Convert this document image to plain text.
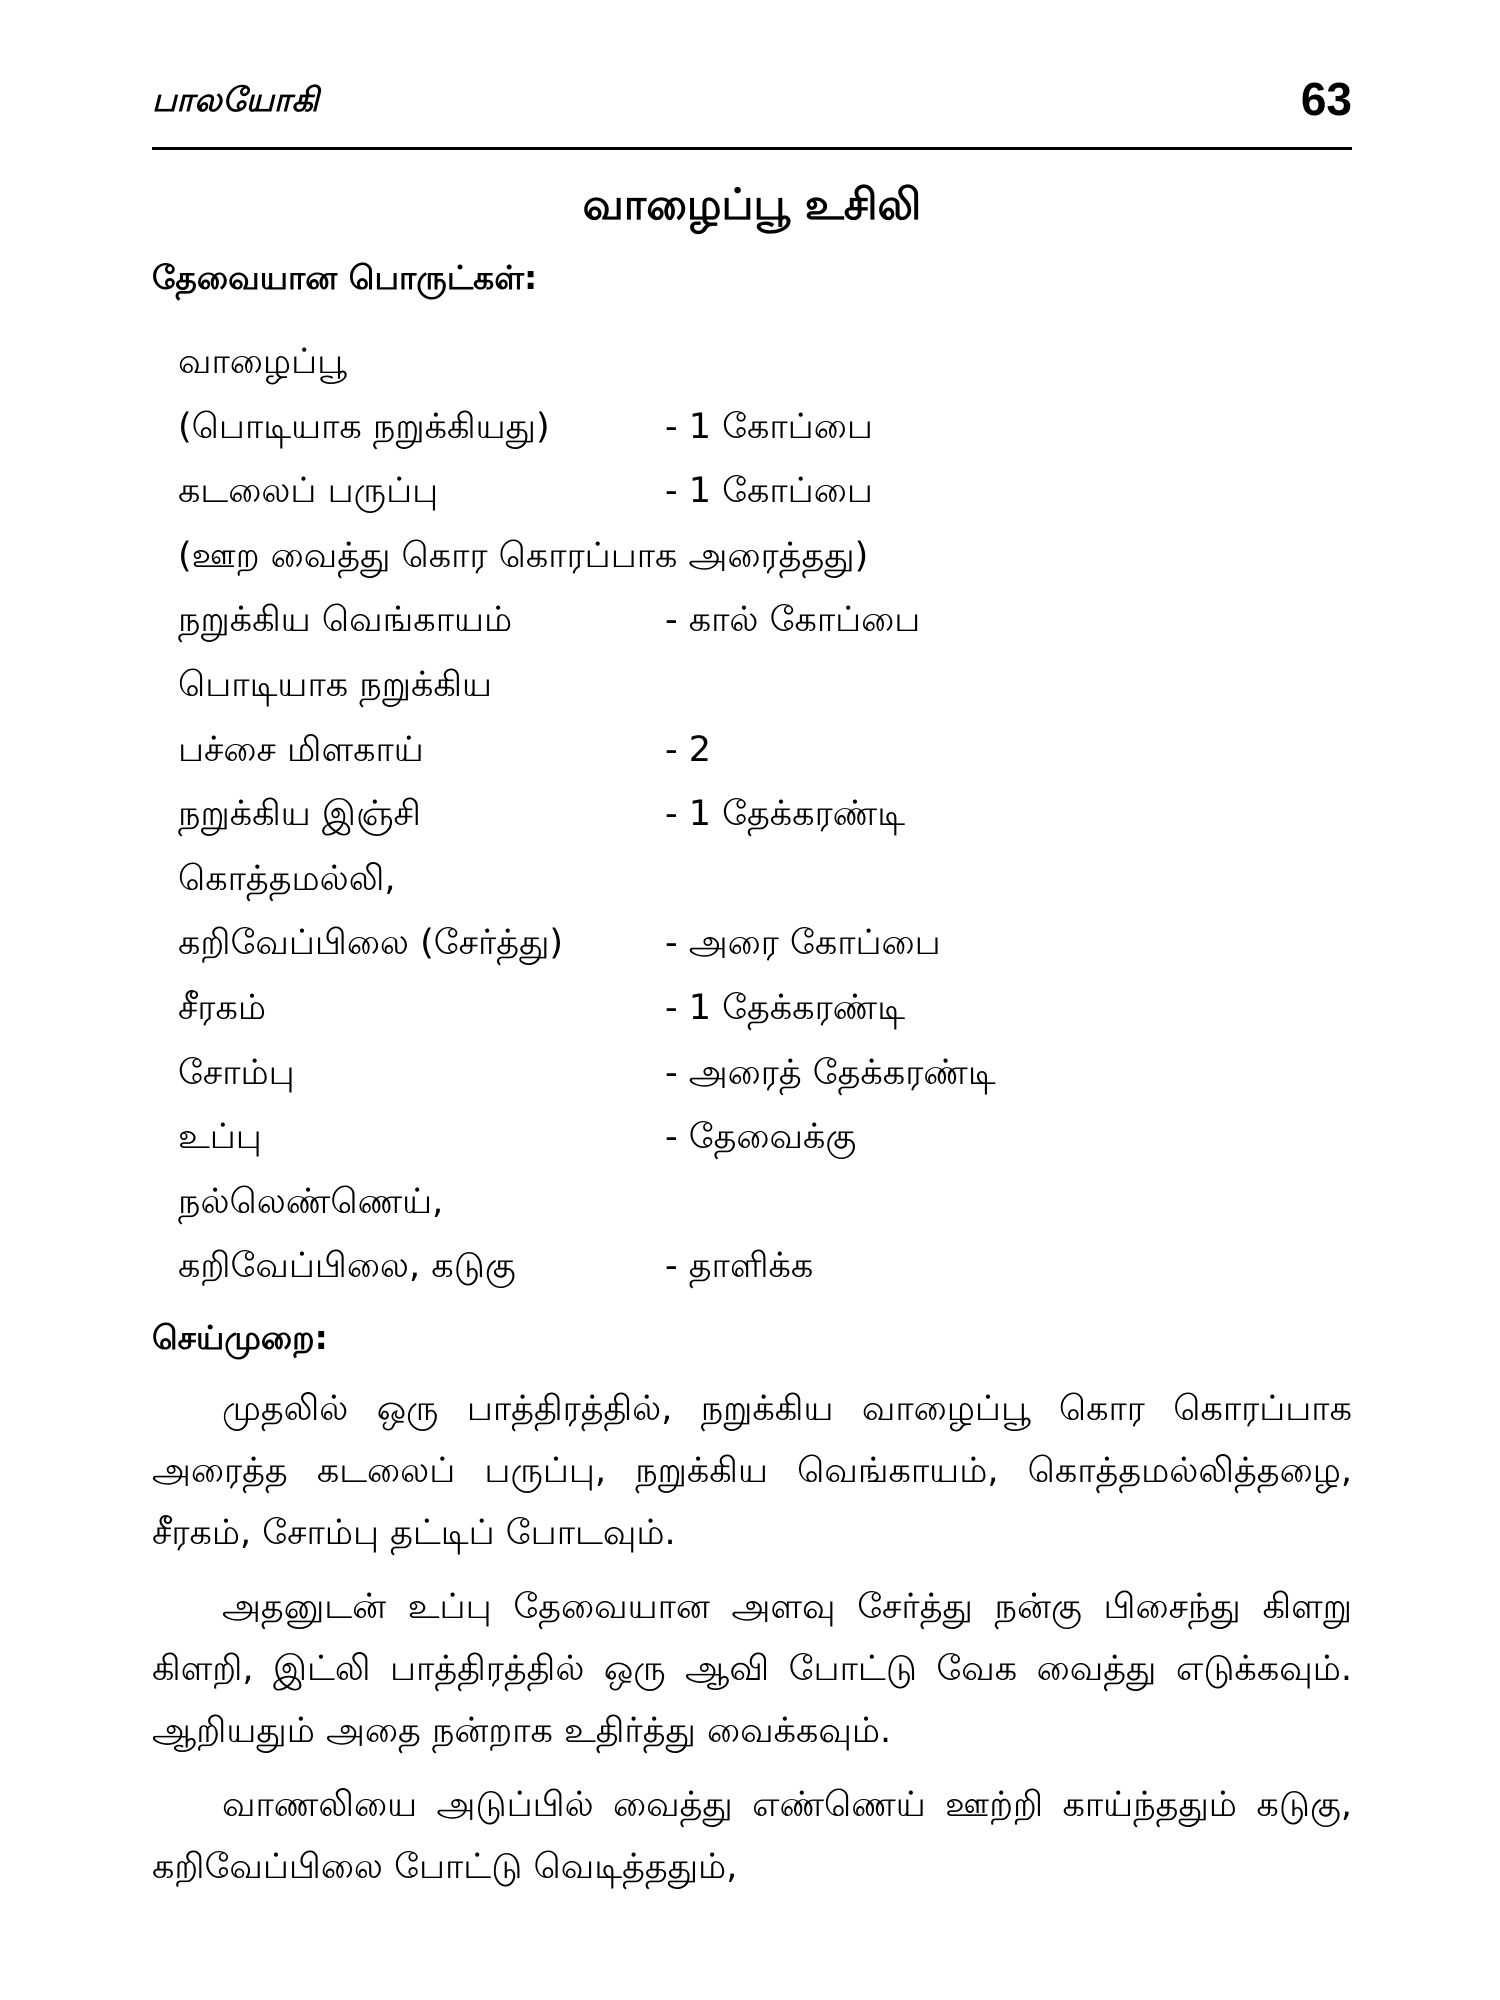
பாலயோகி	63
வாழைப்பூ உசிலி
தேவையான பொருட்கள்:
வாழைப்பூ
(பொடியாக நறுக்கியது)	- 1 கோப்பை
கடலைப் பருப்பு	- 1 கோப்பை
(ஊற வைத்து கொர கொரப்பாக அரைத்தது)
நறுக்கிய வெங்காயம்	- கால் கோப்பை
பொடியாக நறுக்கிய
பச்சை மிளகாய்	- 2
நறுக்கிய இஞ்சி	- 1 தேக்கரண்டி
கொத்தமல்லி,
கறிவேப்பிலை (சேர்த்து)	- அரை கோப்பை
சீரகம்	- 1 தேக்கரண்டி
சோம்பு	- அரைத் தேக்கரண்டி
உப்பு	- தேவைக்கு
நல்லெண்ணெய்,
கறிவேப்பிலை, கடுகு	- தாளிக்க
செய்முறை:

முதலில் ஒரு பாத்திரத்தில், நறுக்கிய வாழைப்பூ கொர கொரப்பாக அரைத்த கடலைப் பருப்பு, நறுக்கிய வெங்காயம், கொத்தமல்லித்தழை, சீரகம், சோம்பு தட்டிப் போடவும்.

அதனுடன் உப்பு தேவையான அளவு சேர்த்து நன்கு பிசைந்து கிளறு கிளறி, இட்லி பாத்திரத்தில் ஒரு ஆவி போட்டு வேக வைத்து எடுக்கவும். ஆறியதும் அதை நன்றாக உதிர்த்து வைக்கவும்.

வாணலியை அடுப்பில் வைத்து எண்ணெய் ஊற்றி காய்ந்ததும் கடுகு, கறிவேப்பிலை போட்டு வெடித்ததும்,
